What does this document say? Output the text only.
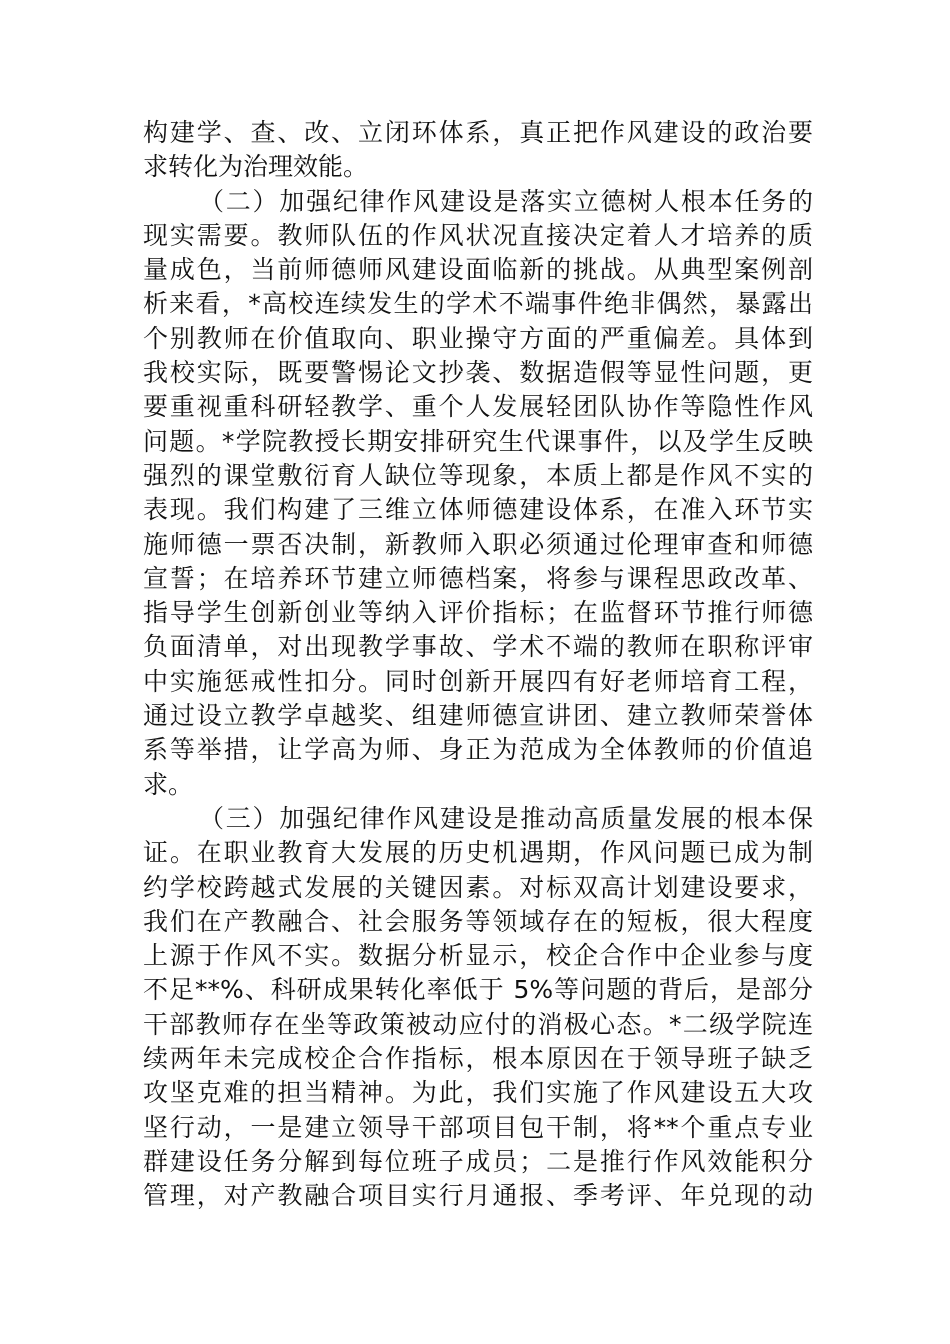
构建学、查、改、立闭环体系，真正把作风建设的政治要
求转化为治理效能。
（二）加强纪律作风建设是落实立德树人根本任务的
现实需要。教师队伍的作风状况直接决定着人才培养的质
量成色，当前师德师风建设面临新的挑战。从典型案例剖
析来看，*高校连续发生的学术不端事件绝非偶然，暴露出
个别教师在价值取向、职业操守方面的严重偏差。具体到
我校实际，既要警惕论文抄袭、数据造假等显性问题，更
要重视重科研轻教学、重个人发展轻团队协作等隐性作风
问题。*学院教授长期安排研究生代课事件，以及学生反映
强烈的课堂敷衍育人缺位等现象，本质上都是作风不实的
表现。我们构建了三维立体师德建设体系，在准入环节实
施师德一票否决制，新教师入职必须通过伦理审查和师德
宣誓；在培养环节建立师德档案，将参与课程思政改革、
指导学生创新创业等纳入评价指标；在监督环节推行师德
负面清单，对出现教学事故、学术不端的教师在职称评审
中实施惩戒性扣分。同时创新开展四有好老师培育工程，
通过设立教学卓越奖、组建师德宣讲团、建立教师荣誉体
系等举措，让学高为师、身正为范成为全体教师的价值追
求。
（三）加强纪律作风建设是推动高质量发展的根本保
证。在职业教育大发展的历史机遇期，作风问题已成为制
约学校跨越式发展的关键因素。对标双高计划建设要求，
我们在产教融合、社会服务等领域存在的短板，很大程度
上源于作风不实。数据分析显示，校企合作中企业参与度
不足**%、科研成果转化率低于 5%等问题的背后，是部分
干部教师存在坐等政策被动应付的消极心态。*二级学院连
续两年未完成校企合作指标，根本原因在于领导班子缺乏
攻坚克难的担当精神。为此，我们实施了作风建设五大攻
坚行动，一是建立领导干部项目包干制，将**个重点专业
群建设任务分解到每位班子成员；二是推行作风效能积分
管理，对产教融合项目实行月通报、季考评、年兑现的动
